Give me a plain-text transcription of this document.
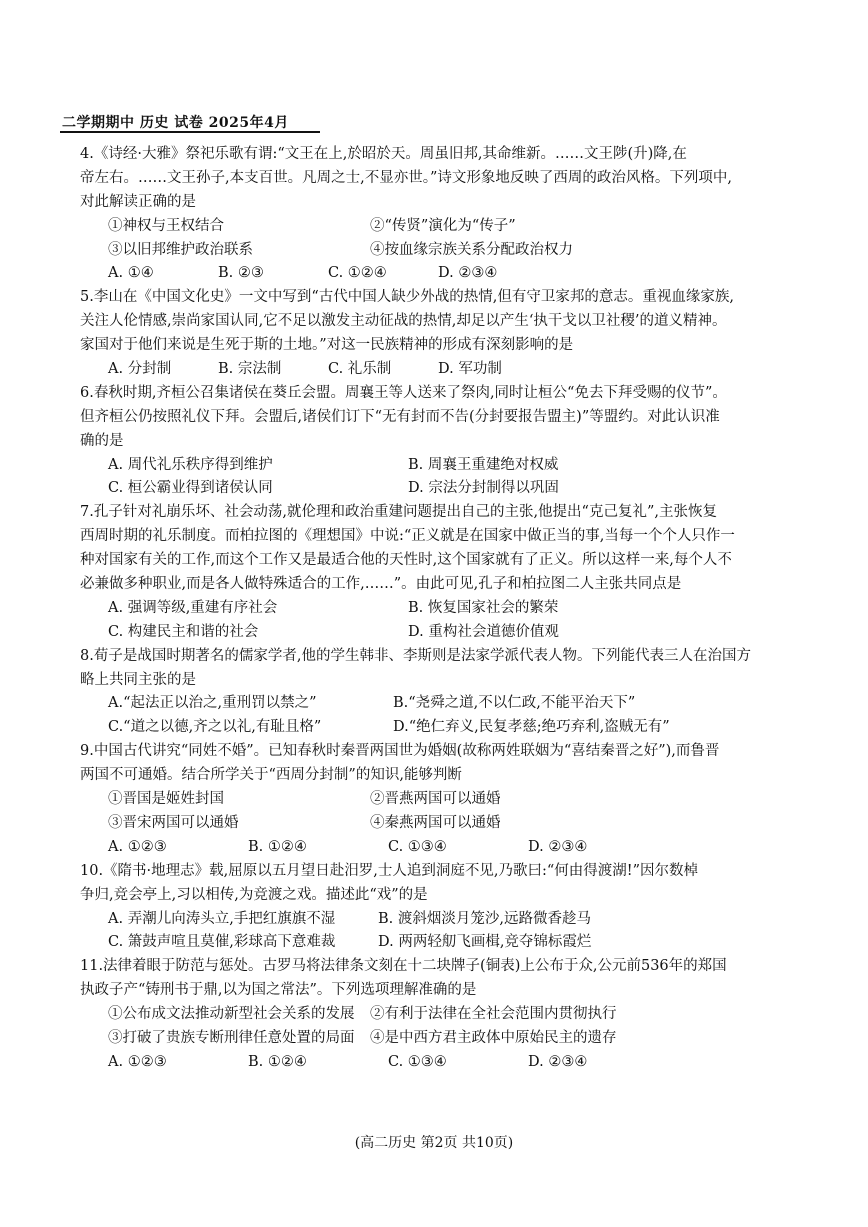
二学期期中 历史 试卷 2025年4月
4.《诗经·大雅》祭祀乐歌有谓:“文王在上,於昭於天。周虽旧邦,其命维新。……文王陟(升)降,在
帝左右。……文王孙子,本支百世。凡周之士,不显亦世。”诗文形象地反映了西周的政治风格。下列项中,
对此解读正确的是
①神权与王权结合	②“传贤”演化为“传子”
③以旧邦维护政治联系	④按血缘宗族关系分配政治权力
A. ①④	B. ②③	C. ①②④	D. ②③④
5.李山在《中国文化史》一文中写到“古代中国人缺少外战的热情,但有守卫家邦的意志。重视血缘家族,
关注人伦情感,崇尚家国认同,它不足以激发主动征战的热情,却足以产生‘执干戈以卫社稷’的道义精神。
家国对于他们来说是生死于斯的土地。”对这一民族精神的形成有深刻影响的是
A. 分封制	B. 宗法制	C. 礼乐制	D. 军功制
6.春秋时期,齐桓公召集诸侯在葵丘会盟。周襄王等人送来了祭肉,同时让桓公“免去下拜受赐的仪节”。
但齐桓公仍按照礼仪下拜。会盟后,诸侯们订下“无有封而不告(分封要报告盟主)”等盟约。对此认识准
确的是
A. 周代礼乐秩序得到维护	B. 周襄王重建绝对权威
C. 桓公霸业得到诸侯认同	D. 宗法分封制得以巩固
7.孔子针对礼崩乐坏、社会动荡,就伦理和政治重建问题提出自己的主张,他提出“克己复礼”,主张恢复
西周时期的礼乐制度。而柏拉图的《理想国》中说:“正义就是在国家中做正当的事,当每一个个人只作一
种对国家有关的工作,而这个工作又是最适合他的天性时,这个国家就有了正义。所以这样一来,每个人不
必兼做多种职业,而是各人做特殊适合的工作,……”。由此可见,孔子和柏拉图二人主张共同点是
A. 强调等级,重建有序社会	B. 恢复国家社会的繁荣
C. 构建民主和谐的社会	D. 重构社会道德价值观
8.荀子是战国时期著名的儒家学者,他的学生韩非、李斯则是法家学派代表人物。下列能代表三人在治国方
略上共同主张的是
A.“起法正以治之,重刑罚以禁之”	B.“尧舜之道,不以仁政,不能平治天下”
C.“道之以德,齐之以礼,有耻且格”	D.“绝仁弃义,民复孝慈;绝巧弃利,盗贼无有”
9.中国古代讲究“同姓不婚”。已知春秋时秦晋两国世为婚姻(故称两姓联姻为“喜结秦晋之好”),而鲁晋
两国不可通婚。结合所学关于“西周分封制”的知识,能够判断
①晋国是姬姓封国	②晋燕两国可以通婚
③晋宋两国可以通婚	④秦燕两国可以通婚
A. ①②③	B. ①②④	C. ①③④	D. ②③④
10.《隋书·地理志》载,屈原以五月望日赴汨罗,士人追到洞庭不见,乃歌曰:“何由得渡湖!”因尔数棹
争归,竞会亭上,习以相传,为竞渡之戏。描述此“戏”的是
A. 弄潮儿向涛头立,手把红旗旗不湿	B. 渡斜烟淡月笼沙,远路微香趁马
C. 箫鼓声喧且莫催,彩球高下意难裁	D. 两两轻舠飞画楫,竞夺锦标霞烂
11.法律着眼于防范与惩处。古罗马将法律条文刻在十二块牌子(铜表)上公布于众,公元前536年的郑国
执政子产“铸刑书于鼎,以为国之常法”。下列选项理解准确的是
①公布成文法推动新型社会关系的发展 ②有利于法律在全社会范围内贯彻执行
③打破了贵族专断刑律任意处置的局面 ④是中西方君主政体中原始民主的遗存
A. ①②③	B. ①②④	C. ①③④	D. ②③④
(高二历史 第2页 共10页)
